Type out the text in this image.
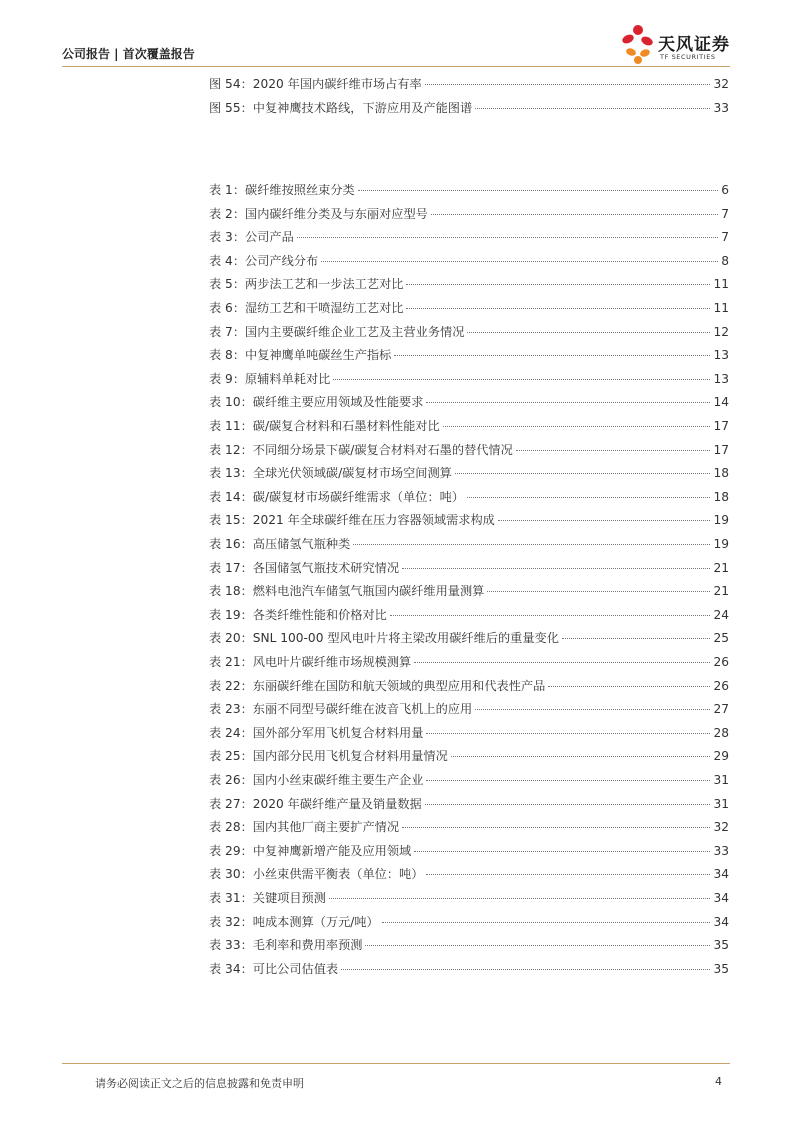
公司报告 | 首次覆盖报告	天风证券
TF SECURITIES
图 54：2020 年国内碳纤维市场占有率	32
图 55：中复神鹰技术路线，下游应用及产能图谱	33
表 1：碳纤维按照丝束分类	6
表 2：国内碳纤维分类及与东丽对应型号	7
表 3：公司产品	7
表 4：公司产线分布	8
表 5：两步法工艺和一步法工艺对比	11
表 6：湿纺工艺和干喷湿纺工艺对比	11
表 7：国内主要碳纤维企业工艺及主营业务情况	12
表 8：中复神鹰单吨碳丝生产指标	13
表 9：原辅料单耗对比	13
表 10：碳纤维主要应用领域及性能要求	14
表 11：碳/碳复合材料和石墨材料性能对比	17
表 12：不同细分场景下碳/碳复合材料对石墨的替代情况	17
表 13：全球光伏领域碳/碳复材市场空间测算	18
表 14：碳/碳复材市场碳纤维需求（单位：吨）	18
表 15：2021 年全球碳纤维在压力容器领域需求构成	19
表 16：高压储氢气瓶种类	19
表 17：各国储氢气瓶技术研究情况	21
表 18：燃料电池汽车储氢气瓶国内碳纤维用量测算	21
表 19：各类纤维性能和价格对比	24
表 20：SNL 100-00 型风电叶片将主梁改用碳纤维后的重量变化	25
表 21：风电叶片碳纤维市场规模测算	26
表 22：东丽碳纤维在国防和航天领域的典型应用和代表性产品	26
表 23：东丽不同型号碳纤维在波音飞机上的应用	27
表 24：国外部分军用飞机复合材料用量	28
表 25：国内部分民用飞机复合材料用量情况	29
表 26：国内小丝束碳纤维主要生产企业	31
表 27：2020 年碳纤维产量及销量数据	31
表 28：国内其他厂商主要扩产情况	32
表 29：中复神鹰新增产能及应用领域	33
表 30：小丝束供需平衡表（单位：吨）	34
表 31：关键项目预测	34
表 32：吨成本测算（万元/吨）	34
表 33：毛利率和费用率预测	35
表 34：可比公司估值表	35
请务必阅读正文之后的信息披露和免责申明	4
